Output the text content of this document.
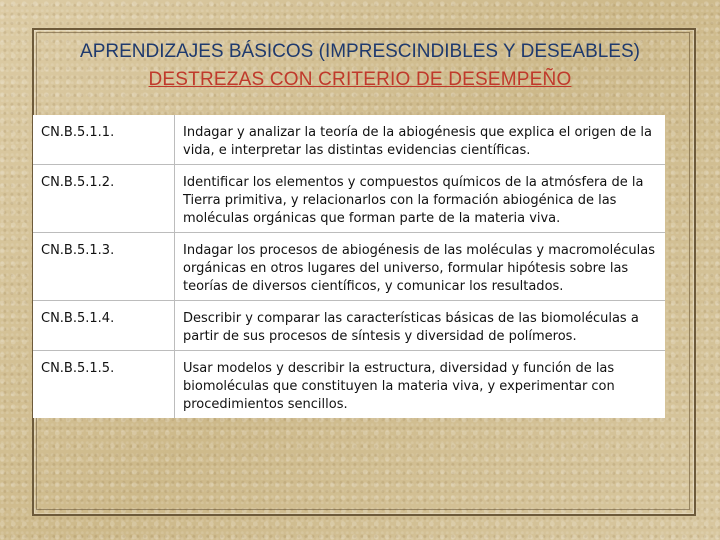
APRENDIZAJES BÁSICOS (IMPRESCINDIBLES Y DESEABLES)
DESTREZAS CON CRITERIO DE DESEMPEÑO
CN.B.5.1.1.	Indagar y analizar la teoría de la abiogénesis que explica el origen de la vida, e interpretar las distintas evidencias científicas.
CN.B.5.1.2.	Identificar los elementos y compuestos químicos de la atmósfera de la Tierra primitiva, y relacionarlos con la formación abiogénica de las moléculas orgánicas que forman parte de la materia viva.
CN.B.5.1.3.	Indagar los procesos de abiogénesis de las moléculas y macromoléculas orgánicas en otros lugares del universo, formular hipótesis sobre las teorías de diversos científicos, y comunicar los resultados.
CN.B.5.1.4.	Describir y comparar las características básicas de las biomoléculas a partir de sus procesos de síntesis y diversidad de polímeros.
CN.B.5.1.5.	Usar modelos y describir la estructura, diversidad y función de las biomoléculas que constituyen la materia viva, y experimentar con procedimientos sencillos.
